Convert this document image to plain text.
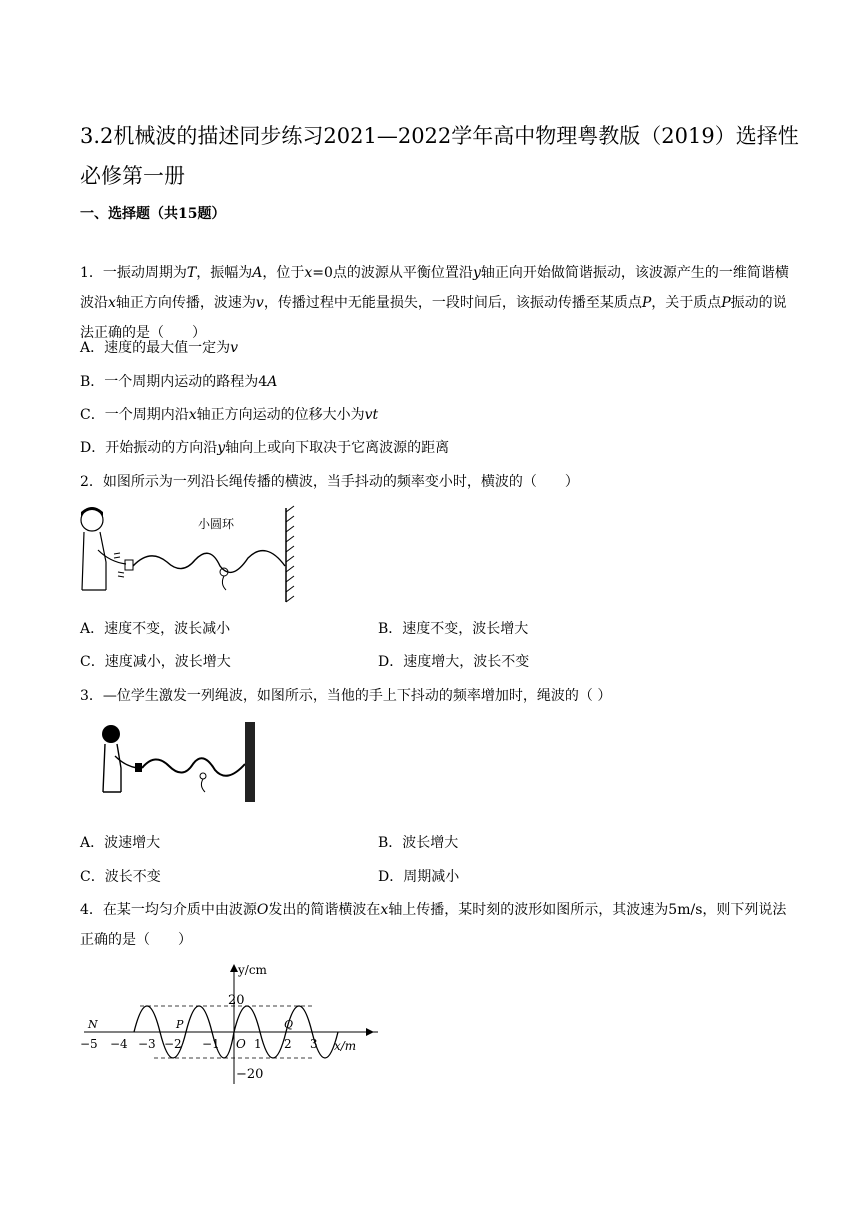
3.2机械波的描述同步练习2021—2022学年高中物理粤教版（2019）选择性必修第一册
一、选择题（共15题）
1．一振动周期为T，振幅为A，位于x=0点的波源从平衡位置沿y轴正向开始做简谐振动，该波源产生的一维简谐横波沿x轴正方向传播，波速为v，传播过程中无能量损失，一段时间后，该振动传播至某质点P，关于质点P振动的说法正确的是（　　）
A．速度的最大值一定为v
B．一个周期内运动的路程为4A
C．一个周期内沿x轴正方向运动的位移大小为vt
D．开始振动的方向沿y轴向上或向下取决于它离波源的距离
2．如图所示为一列沿长绳传播的横波，当手抖动的频率变小时，横波的（　　）
小圆环
A．速度不变，波长减小	B．速度不变，波长增大
C．速度减小，波长增大	D．速度增大，波长不变
3．—位学生激发一列绳波，如图所示，当他的手上下抖动的频率增加时，绳波的（ ）
A．波速增大	B．波长增大
C．波长不变	D．周期减小
4．在某一均匀介质中由波源O发出的简谐横波在x轴上传播，某时刻的波形如图所示，其波速为5m/s，则下列说法正确的是（　　）
−5 −4 −3 −2 −1	1 2 3
O
20
−20
N	P	Q
y/cm
x/m
